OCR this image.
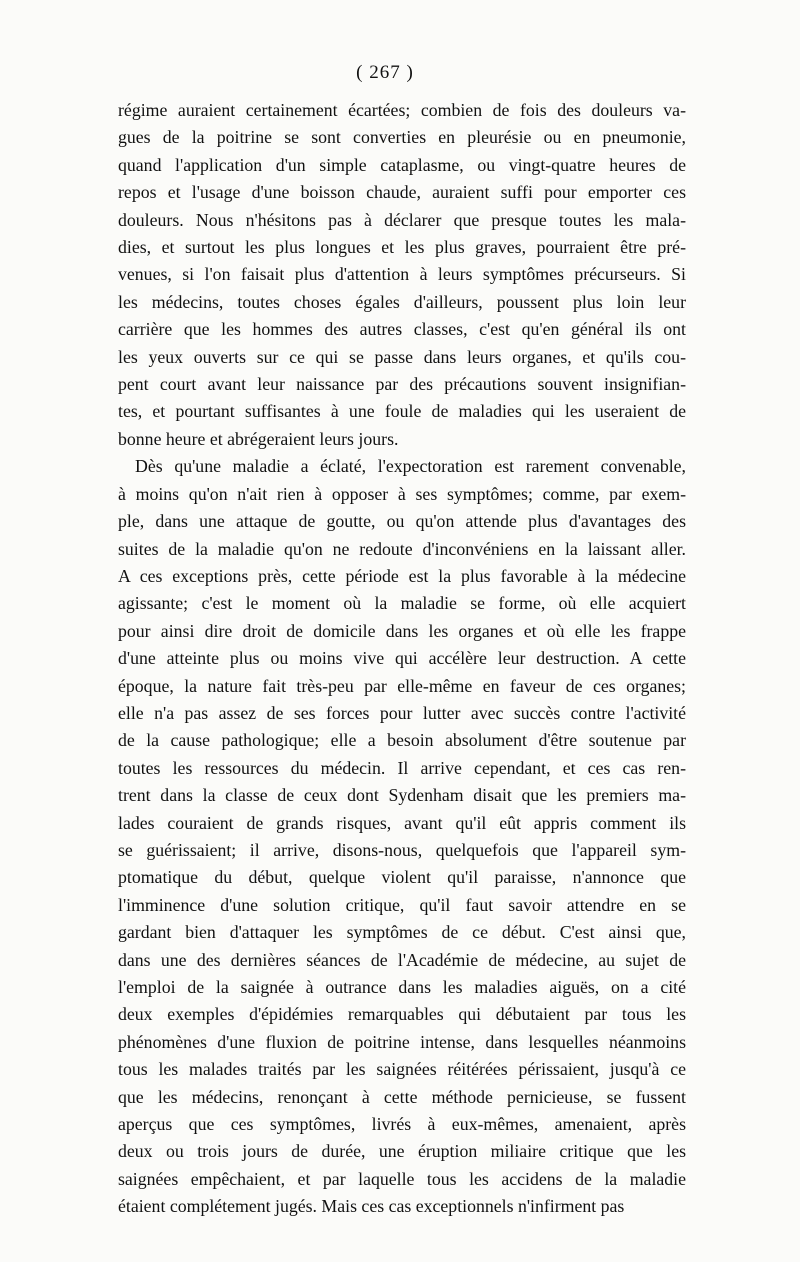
( 267 )
régime auraient certainement écartées; combien de fois des douleurs va-
gues de la poitrine se sont converties en pleurésie ou en pneumonie,
quand l'application d'un simple cataplasme, ou vingt-quatre heures de
repos et l'usage d'une boisson chaude, auraient suffi pour emporter ces
douleurs. Nous n'hésitons pas à déclarer que presque toutes les mala-
dies, et surtout les plus longues et les plus graves, pourraient être pré-
venues, si l'on faisait plus d'attention à leurs symptômes précurseurs. Si
les médecins, toutes choses égales d'ailleurs, poussent plus loin leur
carrière que les hommes des autres classes, c'est qu'en général ils ont
les yeux ouverts sur ce qui se passe dans leurs organes, et qu'ils cou-
pent court avant leur naissance par des précautions souvent insignifian-
tes, et pourtant suffisantes à une foule de maladies qui les useraient de
bonne heure et abrégeraient leurs jours.
Dès qu'une maladie a éclaté, l'expectoration est rarement convenable,
à moins qu'on n'ait rien à opposer à ses symptômes; comme, par exem-
ple, dans une attaque de goutte, ou qu'on attende plus d'avantages des
suites de la maladie qu'on ne redoute d'inconvéniens en la laissant aller.
A ces exceptions près, cette période est la plus favorable à la médecine
agissante; c'est le moment où la maladie se forme, où elle acquiert
pour ainsi dire droit de domicile dans les organes et où elle les frappe
d'une atteinte plus ou moins vive qui accélère leur destruction. A cette
époque, la nature fait très-peu par elle-même en faveur de ces organes;
elle n'a pas assez de ses forces pour lutter avec succès contre l'activité
de la cause pathologique; elle a besoin absolument d'être soutenue par
toutes les ressources du médecin. Il arrive cependant, et ces cas ren-
trent dans la classe de ceux dont Sydenham disait que les premiers ma-
lades couraient de grands risques, avant qu'il eût appris comment ils
se guérissaient; il arrive, disons-nous, quelquefois que l'appareil sym-
ptomatique du début, quelque violent qu'il paraisse, n'annonce que
l'imminence d'une solution critique, qu'il faut savoir attendre en se
gardant bien d'attaquer les symptômes de ce début. C'est ainsi que,
dans une des dernières séances de l'Académie de médecine, au sujet de
l'emploi de la saignée à outrance dans les maladies aiguës, on a cité
deux exemples d'épidémies remarquables qui débutaient par tous les
phénomènes d'une fluxion de poitrine intense, dans lesquelles néanmoins
tous les malades traités par les saignées réitérées périssaient, jusqu'à ce
que les médecins, renonçant à cette méthode pernicieuse, se fussent
aperçus que ces symptômes, livrés à eux-mêmes, amenaient, après
deux ou trois jours de durée, une éruption miliaire critique que les
saignées empêchaient, et par laquelle tous les accidens de la maladie
étaient complétement jugés. Mais ces cas exceptionnels n'infirment pas
